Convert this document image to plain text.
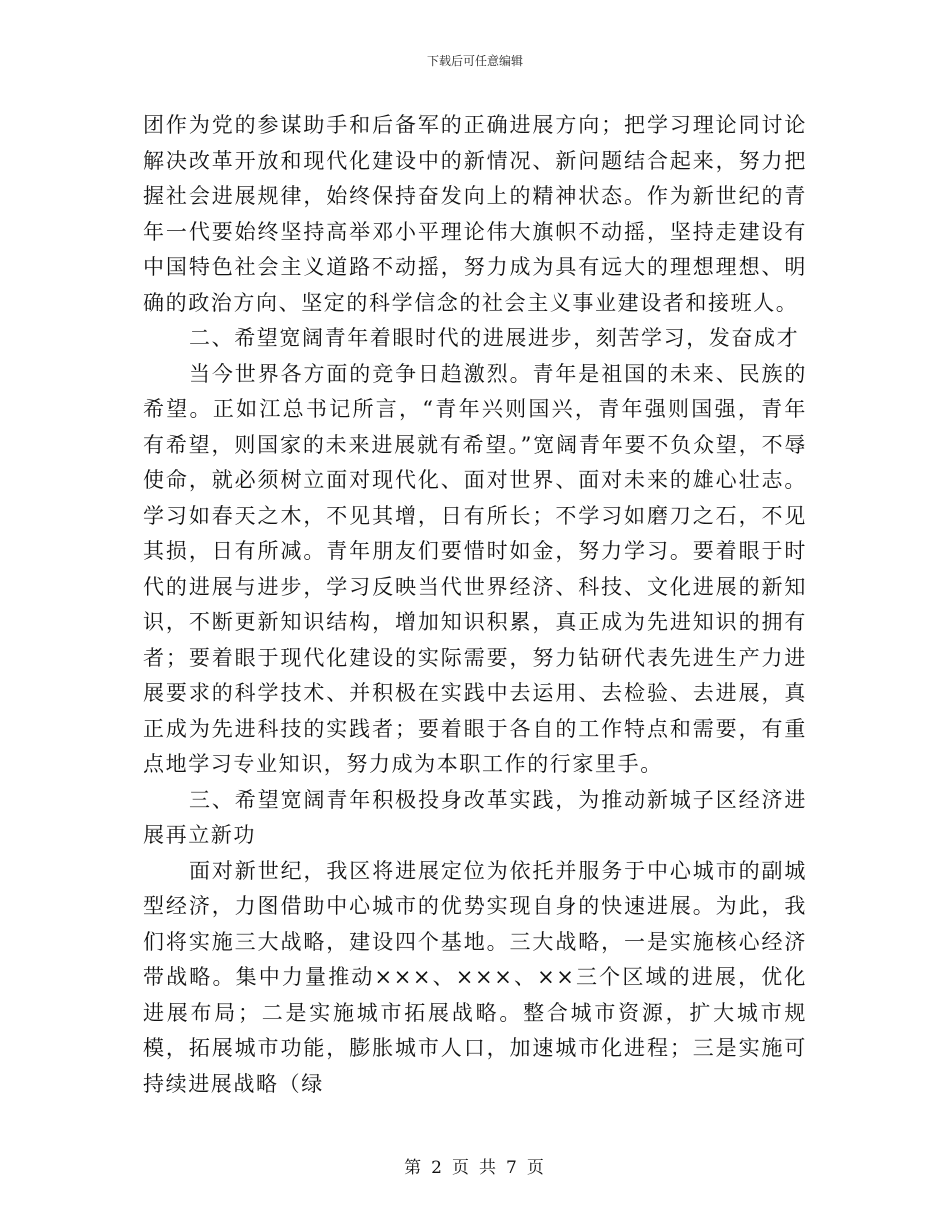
下载后可任意编辑

团作为党的参谋助手和后备军的正确进展方向；把学习理论同讨论解决改革开放和现代化建设中的新情况、新问题结合起来，努力把握社会进展规律，始终保持奋发向上的精神状态。作为新世纪的青年一代要始终坚持高举邓小平理论伟大旗帜不动摇，坚持走建设有中国特色社会主义道路不动摇，努力成为具有远大的理想理想、明确的政治方向、坚定的科学信念的社会主义事业建设者和接班人。

二、希望宽阔青年着眼时代的进展进步，刻苦学习，发奋成才

当今世界各方面的竞争日趋激烈。青年是祖国的未来、民族的希望。正如江总书记所言，“青年兴则国兴，青年强则国强，青年有希望，则国家的未来进展就有希望。”宽阔青年要不负众望，不辱使命，就必须树立面对现代化、面对世界、面对未来的雄心壮志。学习如春天之木，不见其增，日有所长；不学习如磨刀之石，不见其损，日有所减。青年朋友们要惜时如金，努力学习。要着眼于时代的进展与进步，学习反映当代世界经济、科技、文化进展的新知识，不断更新知识结构，增加知识积累，真正成为先进知识的拥有者；要着眼于现代化建设的实际需要，努力钻研代表先进生产力进展要求的科学技术、并积极在实践中去运用、去检验、去进展，真正成为先进科技的实践者；要着眼于各自的工作特点和需要，有重点地学习专业知识，努力成为本职工作的行家里手。

三、希望宽阔青年积极投身改革实践，为推动新城子区经济进展再立新功

面对新世纪，我区将进展定位为依托并服务于中心城市的副城型经济，力图借助中心城市的优势实现自身的快速进展。为此，我们将实施三大战略，建设四个基地。三大战略，一是实施核心经济带战略。集中力量推动×××、×××、××三个区域的进展，优化进展布局；二是实施城市拓展战略。整合城市资源，扩大城市规模，拓展城市功能，膨胀城市人口，加速城市化进程；三是实施可持续进展战略（绿

第 2 页 共 7 页
